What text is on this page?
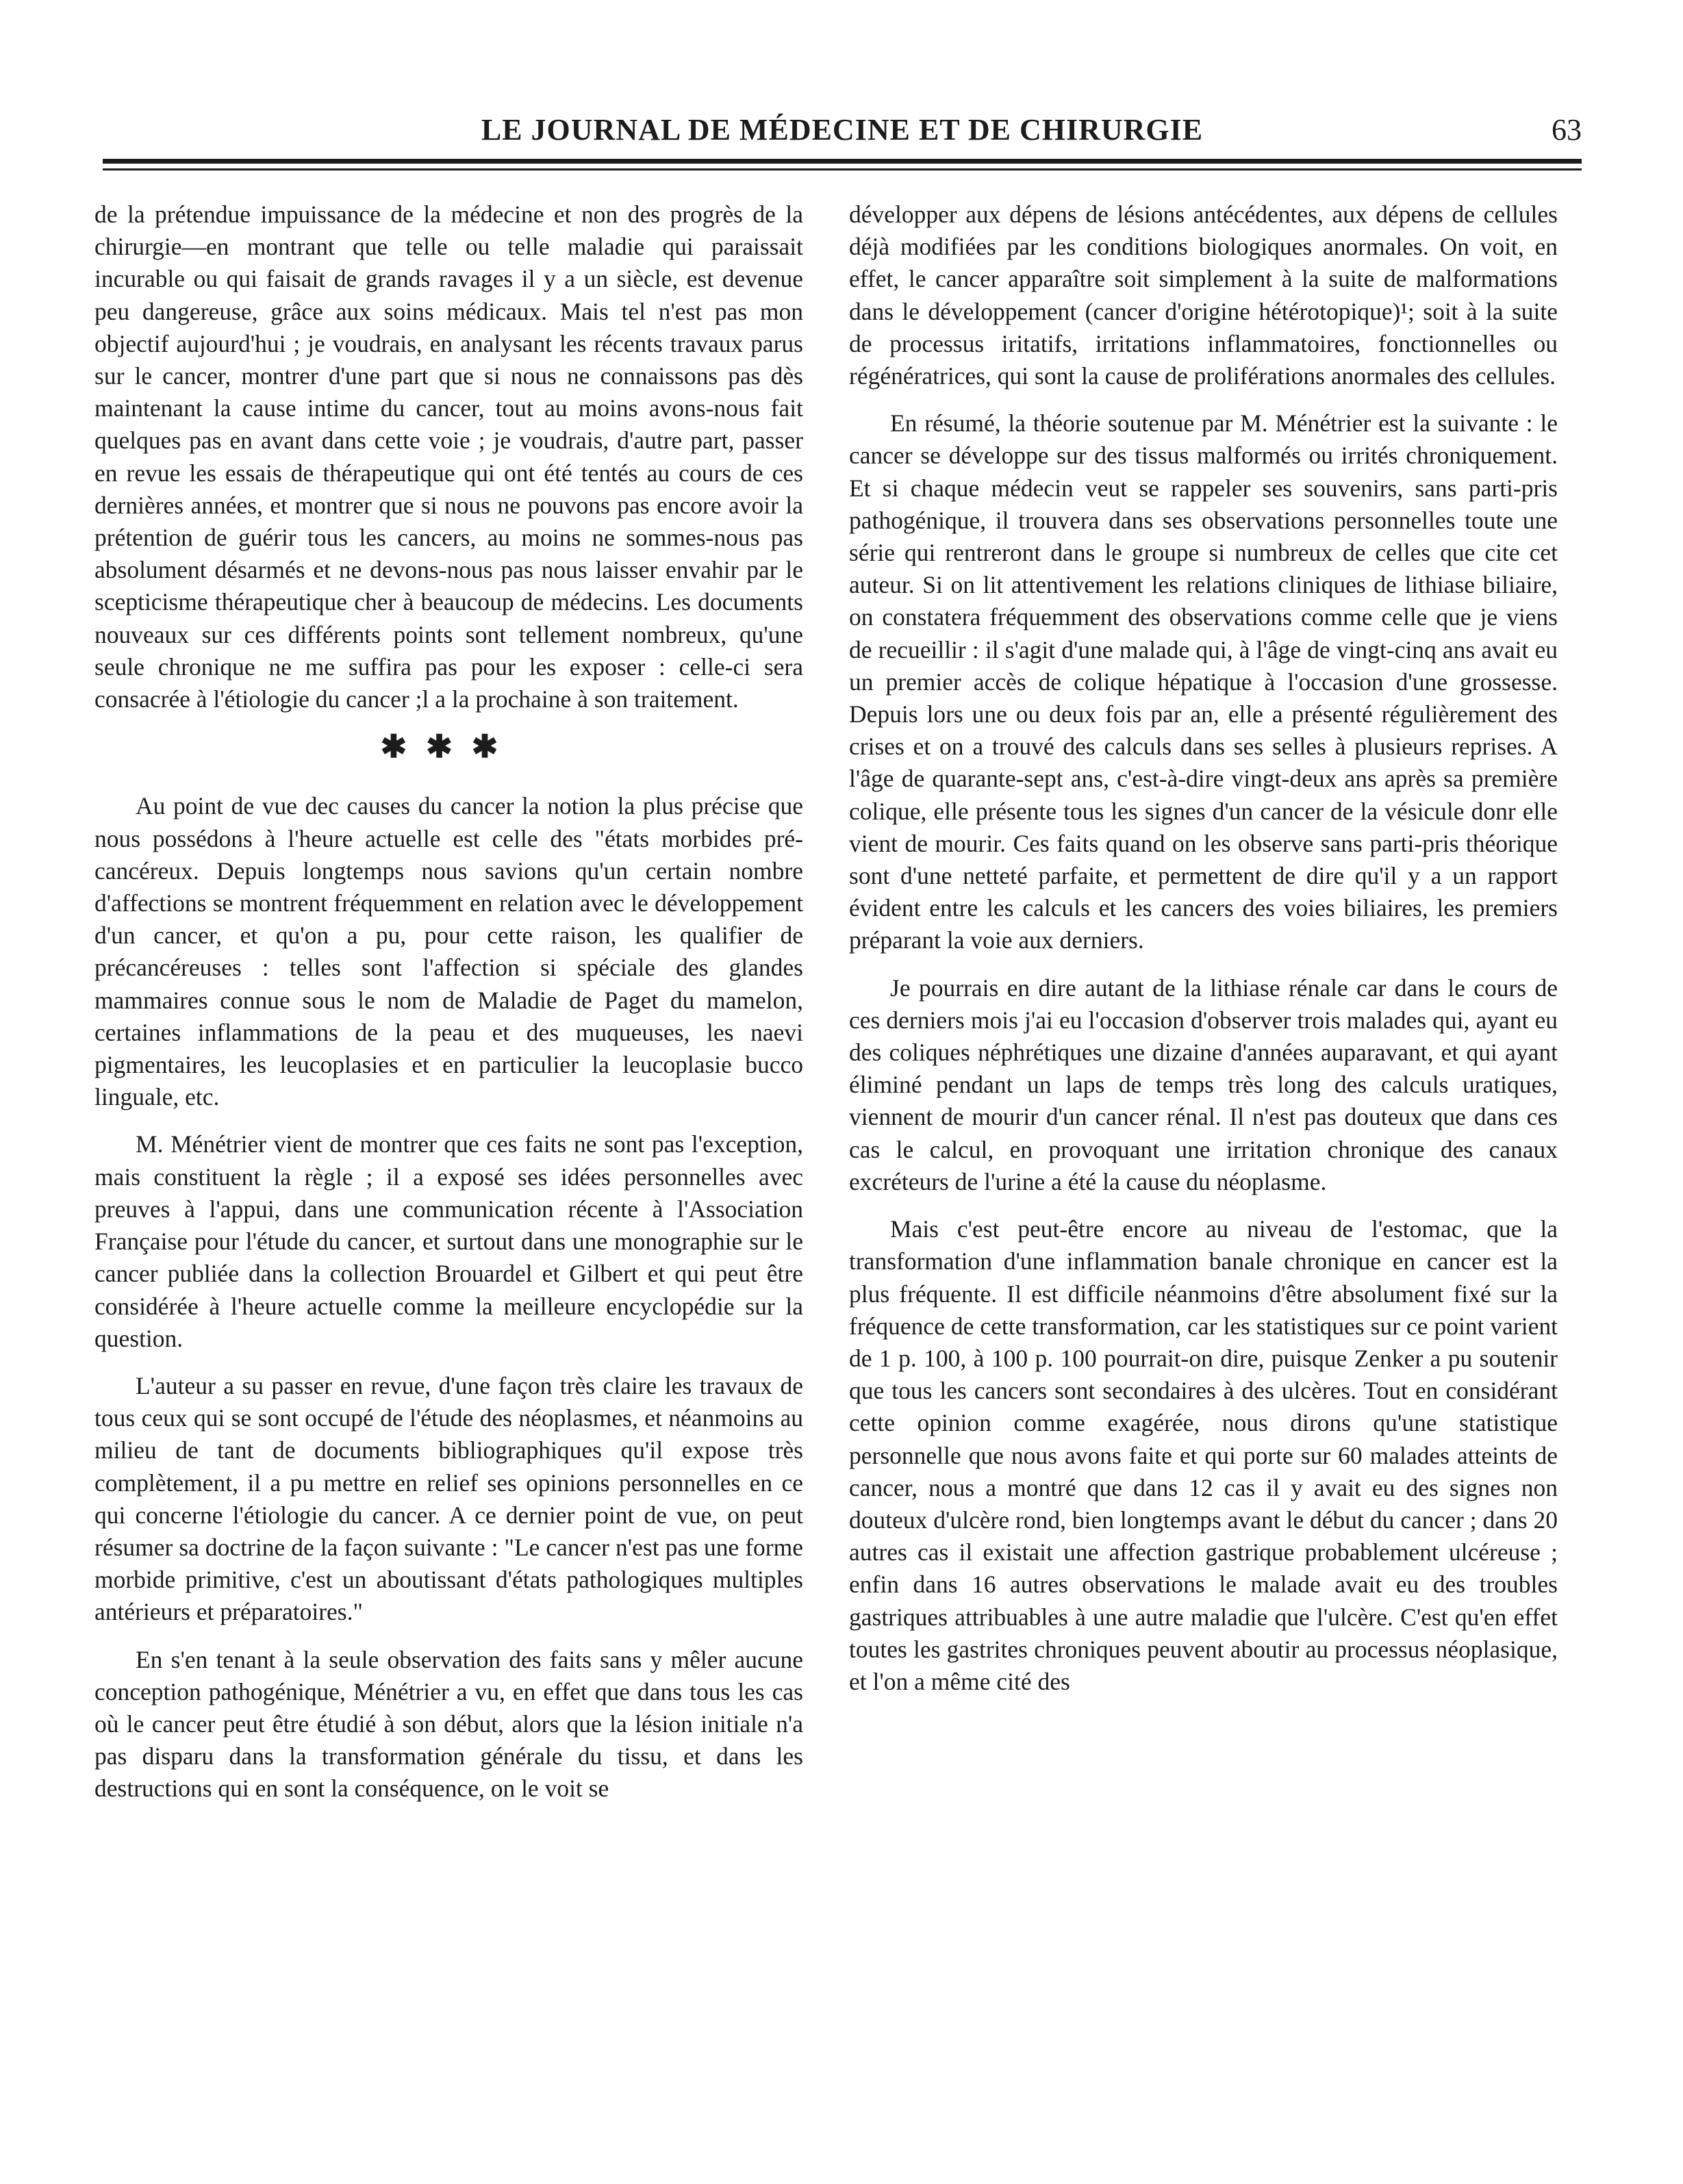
LE JOURNAL DE MÉDECINE ET DE CHIRURGIE	63

de la prétendue impuissance de la médecine et non des progrès de la chirurgie—en montrant que telle ou telle maladie qui paraissait incurable ou qui faisait de grands ravages il y a un siècle, est devenue peu dangereuse, grâce aux soins médicaux. Mais tel n'est pas mon objectif aujourd'hui ; je voudrais, en analysant les récents travaux parus sur le cancer, montrer d'une part que si nous ne connaissons pas dès maintenant la cause intime du cancer, tout au moins avons-nous fait quelques pas en avant dans cette voie ; je voudrais, d'autre part, passer en revue les essais de thérapeutique qui ont été tentés au cours de ces dernières années, et montrer que si nous ne pouvons pas encore avoir la prétention de guérir tous les cancers, au moins ne sommes-nous pas absolument désarmés et ne devons-nous pas nous laisser envahir par le scepticisme thérapeutique cher à beaucoup de médecins. Les documents nouveaux sur ces différents points sont tellement nombreux, qu'une seule chronique ne me suffira pas pour les exposer : celle-ci sera consacrée à l'étiologie du cancer ;l a la prochaine à son traitement.

✱✱✱

Au point de vue dec causes du cancer la notion la plus précise que nous possédons à l'heure actuelle est celle des "états morbides pré-cancéreux. Depuis longtemps nous savions qu'un certain nombre d'affections se montrent fréquemment en relation avec le développement d'un cancer, et qu'on a pu, pour cette raison, les qualifier de précancéreuses : telles sont l'affection si spéciale des glandes mammaires connue sous le nom de Maladie de Paget du mamelon, certaines inflammations de la peau et des muqueuses, les naevi pigmentaires, les leucoplasies et en particulier la leucoplasie bucco linguale, etc.

M. Ménétrier vient de montrer que ces faits ne sont pas l'exception, mais constituent la règle ; il a exposé ses idées personnelles avec preuves à l'appui, dans une communication récente à l'Association Française pour l'étude du cancer, et surtout dans une monographie sur le cancer publiée dans la collection Brouardel et Gilbert et qui peut être considérée à l'heure actuelle comme la meilleure encyclopédie sur la question.

L'auteur a su passer en revue, d'une façon très claire les travaux de tous ceux qui se sont occupé de l'étude des néoplasmes, et néanmoins au milieu de tant de documents bibliographiques qu'il expose très complètement, il a pu mettre en relief ses opinions personnelles en ce qui concerne l'étiologie du cancer. A ce dernier point de vue, on peut résumer sa doctrine de la façon suivante : "Le cancer n'est pas une forme morbide primitive, c'est un aboutissant d'états pathologiques multiples antérieurs et préparatoires."

En s'en tenant à la seule observation des faits sans y mêler aucune conception pathogénique, Ménétrier a vu, en effet que dans tous les cas où le cancer peut être étudié à son début, alors que la lésion initiale n'a pas disparu dans la transformation générale du tissu, et dans les destructions qui en sont la conséquence, on le voit se

développer aux dépens de lésions antécédentes, aux dépens de cellules déjà modifiées par les conditions biologiques anormales. On voit, en effet, le cancer apparaître soit simplement à la suite de malformations dans le développement (cancer d'origine hétérotopique)¹; soit à la suite de processus iritatifs, irritations inflammatoires, fonctionnelles ou régénératrices, qui sont la cause de proliférations anormales des cellules.

En résumé, la théorie soutenue par M. Ménétrier est la suivante : le cancer se développe sur des tissus malformés ou irrités chroniquement. Et si chaque médecin veut se rappeler ses souvenirs, sans parti-pris pathogénique, il trouvera dans ses observations personnelles toute une série qui rentreront dans le groupe si numbreux de celles que cite cet auteur. Si on lit attentivement les relations cliniques de lithiase biliaire, on constatera fréquemment des observations comme celle que je viens de recueillir : il s'agit d'une malade qui, à l'âge de vingt-cinq ans avait eu un premier accès de colique hépatique à l'occasion d'une grossesse. Depuis lors une ou deux fois par an, elle a présenté régulièrement des crises et on a trouvé des calculs dans ses selles à plusieurs reprises. A l'âge de quarante-sept ans, c'est-à-dire vingt-deux ans après sa première colique, elle présente tous les signes d'un cancer de la vésicule donr elle vient de mourir. Ces faits quand on les observe sans parti-pris théorique sont d'une netteté parfaite, et permettent de dire qu'il y a un rapport évident entre les calculs et les cancers des voies biliaires, les premiers préparant la voie aux derniers.

Je pourrais en dire autant de la lithiase rénale car dans le cours de ces derniers mois j'ai eu l'occasion d'observer trois malades qui, ayant eu des coliques néphrétiques une dizaine d'années auparavant, et qui ayant éliminé pendant un laps de temps très long des calculs uratiques, viennent de mourir d'un cancer rénal. Il n'est pas douteux que dans ces cas le calcul, en provoquant une irritation chronique des canaux excréteurs de l'urine a été la cause du néoplasme.

Mais c'est peut-être encore au niveau de l'estomac, que la transformation d'une inflammation banale chronique en cancer est la plus fréquente. Il est difficile néanmoins d'être absolument fixé sur la fréquence de cette transformation, car les statistiques sur ce point varient de 1 p. 100, à 100 p. 100 pourrait-on dire, puisque Zenker a pu soutenir que tous les cancers sont secondaires à des ulcères. Tout en considérant cette opinion comme exagérée, nous dirons qu'une statistique personnelle que nous avons faite et qui porte sur 60 malades atteints de cancer, nous a montré que dans 12 cas il y avait eu des signes non douteux d'ulcère rond, bien longtemps avant le début du cancer ; dans 20 autres cas il existait une affection gastrique probablement ulcéreuse ; enfin dans 16 autres observations le malade avait eu des troubles gastriques attribuables à une autre maladie que l'ulcère. C'est qu'en effet toutes les gastrites chroniques peuvent aboutir au processus néoplasique, et l'on a même cité des
